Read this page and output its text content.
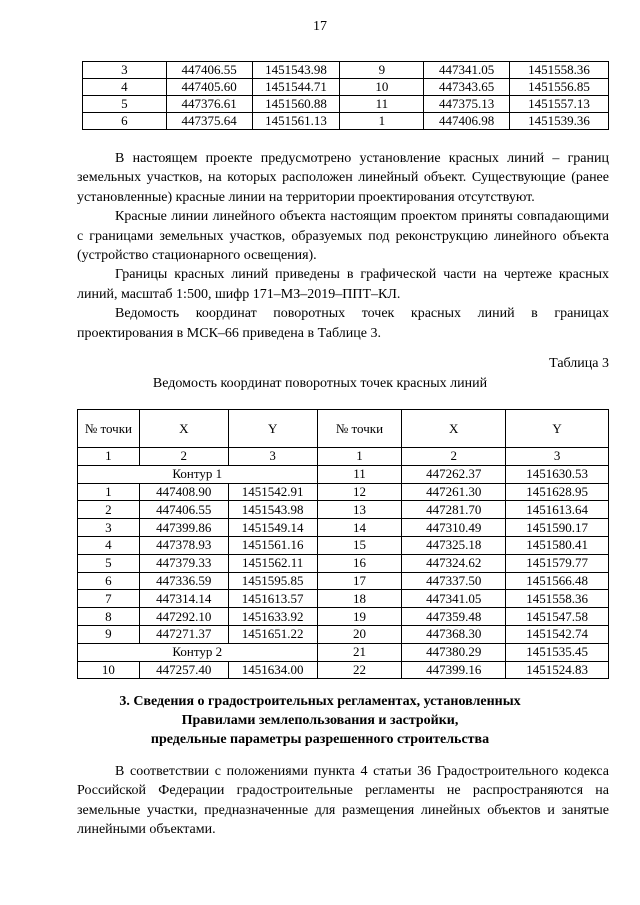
17
3	447406.55	1451543.98	9	447341.05	1451558.36
4	447405.60	1451544.71	10	447343.65	1451556.85
5	447376.61	1451560.88	11	447375.13	1451557.13
6	447375.64	1451561.13	1	447406.98	1451539.36
В настоящем проекте предусмотрено установление красных линий – границ земельных участков, на которых расположен линейный объект. Существующие (ранее установленные) красные линии на территории проектирования отсутствуют.
Красные линии линейного объекта настоящим проектом приняты совпадающими с границами земельных участков, образуемых под реконструкцию линейного объекта (устройство стационарного освещения).
Границы красных линий приведены в графической части на чертеже красных линий, масштаб 1:500, шифр 171–МЗ–2019–ППТ–КЛ.
Ведомость координат поворотных точек красных линий в границах проектирования в МСК–66 приведена в Таблице 3.
Таблица 3
Ведомость координат поворотных точек красных линий
№ точки	X	Y	№ точки	X	Y
1	2	3	1	2	3
Контур 1			11	447262.37	1451630.53
1	447408.90	1451542.91	12	447261.30	1451628.95
2	447406.55	1451543.98	13	447281.70	1451613.64
3	447399.86	1451549.14	14	447310.49	1451590.17
4	447378.93	1451561.16	15	447325.18	1451580.41
5	447379.33	1451562.11	16	447324.62	1451579.77
6	447336.59	1451595.85	17	447337.50	1451566.48
7	447314.14	1451613.57	18	447341.05	1451558.36
8	447292.10	1451633.92	19	447359.48	1451547.58
9	447271.37	1451651.22	20	447368.30	1451542.74
Контур 2			21	447380.29	1451535.45
10	447257.40	1451634.00	22	447399.16	1451524.83
3. Сведения о градостроительных регламентах, установленных
Правилами землепользования и застройки,
предельные параметры разрешенного строительства
В соответствии с положениями пункта 4 статьи 36 Градостроительного кодекса Российской Федерации градостроительные регламенты не распространяются на земельные участки, предназначенные для размещения линейных объектов и занятые линейными объектами.
